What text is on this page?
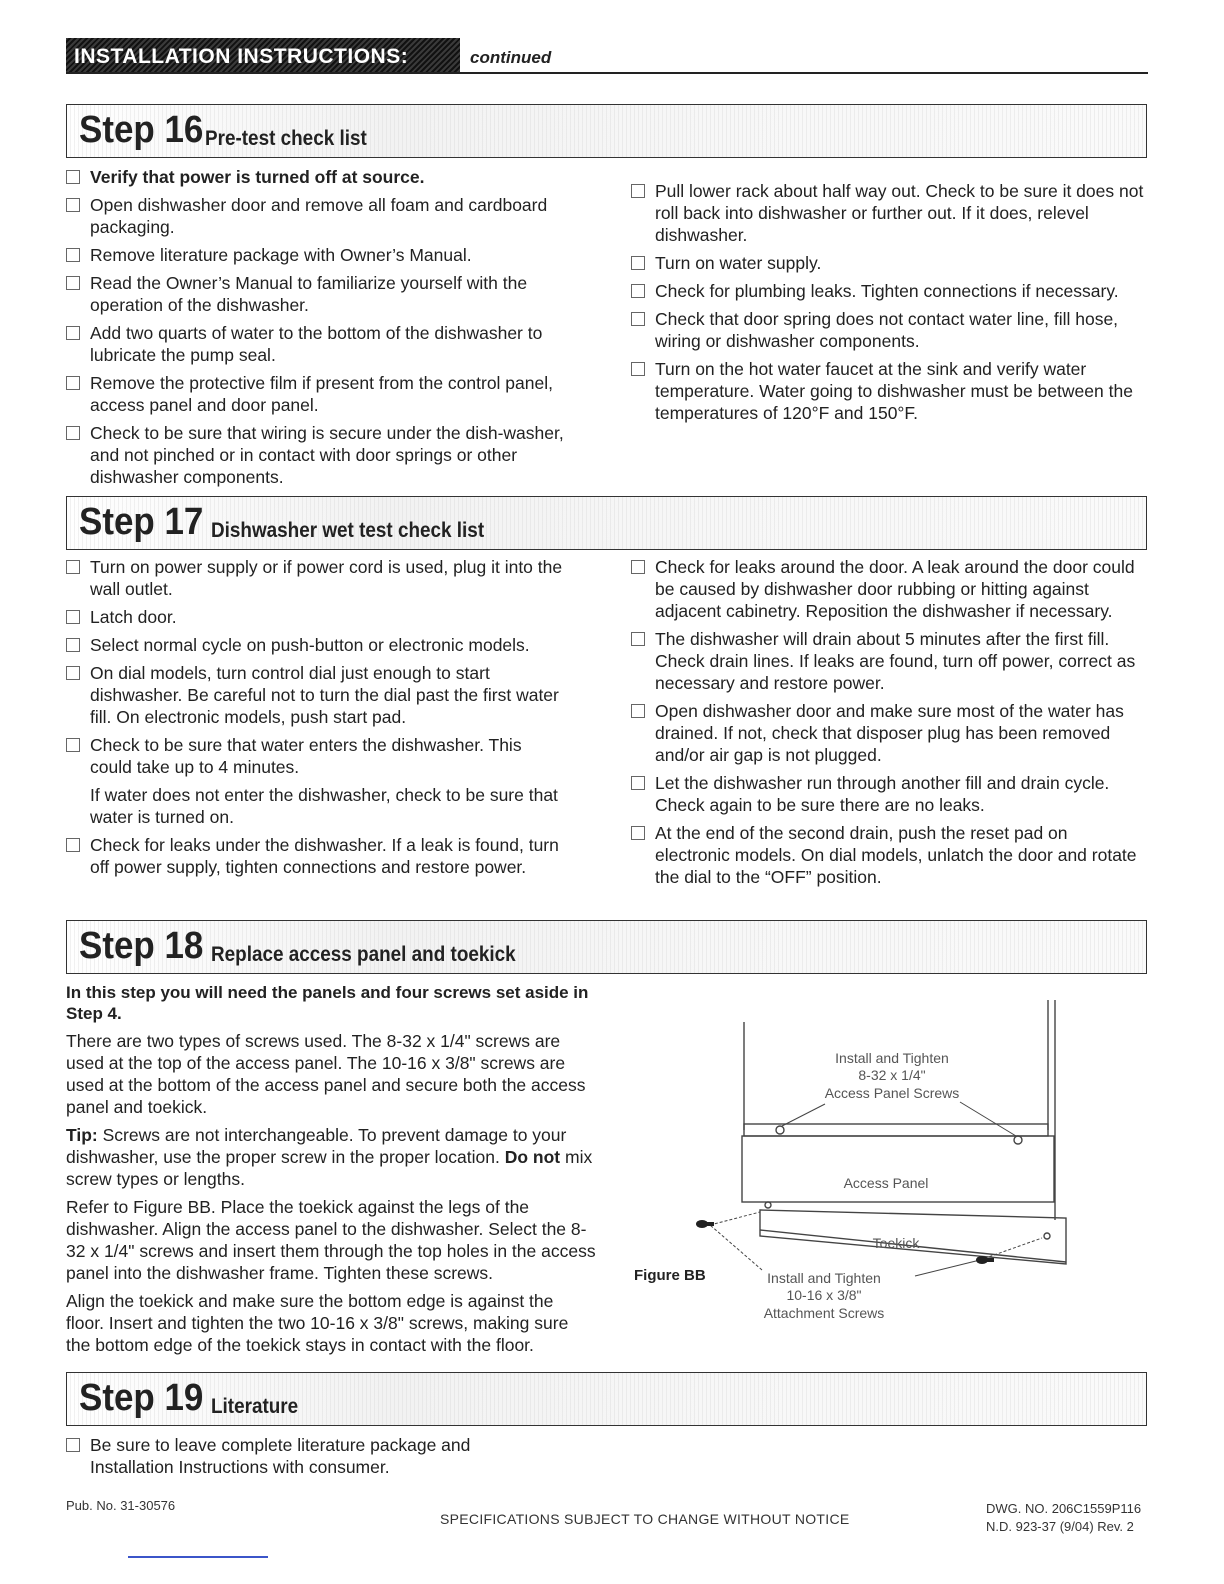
INSTALLATION INSTRUCTIONS:	continued
Step 16 Pre-test check list
Verify that power is turned off at source.
Open dishwasher door and remove all foam and cardboard packaging.
Remove literature package with Owner’s Manual.
Read the Owner’s Manual to familiarize yourself with the operation of the dishwasher.
Add two quarts of water to the bottom of the dishwasher to lubricate the pump seal.
Remove the protective film if present from the control panel, access panel and door panel.
Check to be sure that wiring is secure under the dish-washer, and not pinched or in contact with door springs or other dishwasher components.
Pull lower rack about half way out. Check to be sure it does not roll back into dishwasher or further out. If it does, relevel dishwasher.
Turn on water supply.
Check for plumbing leaks. Tighten connections if necessary.
Check that door spring does not contact water line, fill hose, wiring or dishwasher components.
Turn on the hot water faucet at the sink and verify water temperature. Water going to dishwasher must be between the temperatures of 120°F and 150°F.
Step 17 Dishwasher wet test check list
Turn on power supply or if power cord is used, plug it into the wall outlet.
Latch door.
Select normal cycle on push-button or electronic models.
On dial models, turn control dial just enough to start dishwasher. Be careful not to turn the dial past the first water fill. On electronic models, push start pad.
Check to be sure that water enters the dishwasher. This could take up to 4 minutes.
If water does not enter the dishwasher, check to be sure that water is turned on.
Check for leaks under the dishwasher. If a leak is found, turn off power supply, tighten connections and restore power.
Check for leaks around the door. A leak around the door could be caused by dishwasher door rubbing or hitting against adjacent cabinetry. Reposition the dishwasher if necessary.
The dishwasher will drain about 5 minutes after the first fill. Check drain lines. If leaks are found, turn off power, correct as necessary and restore power.
Open dishwasher door and make sure most of the water has drained. If not, check that disposer plug has been removed and/or air gap is not plugged.
Let the dishwasher run through another fill and drain cycle. Check again to be sure there are no leaks.
At the end of the second drain, push the reset pad on electronic models. On dial models, unlatch the door and rotate the dial to the “OFF” position.
Step 18 Replace access panel and toekick
In this step you will need the panels and four screws set aside in Step 4.
There are two types of screws used. The 8-32 x 1/4" screws are used at the top of the access panel. The 10-16 x 3/8" screws are used at the bottom of the access panel and secure both the access panel and toekick.
Tip: Screws are not interchangeable. To prevent damage to your dishwasher, use the proper screw in the proper location. Do not mix screw types or lengths.
Refer to Figure BB. Place the toekick against the legs of the dishwasher. Align the access panel to the dishwasher. Select the 8-32 x 1/4" screws and insert them through the top holes in the access panel into the dishwasher frame. Tighten these screws.
Align the toekick and make sure the bottom edge is against the floor. Insert and tighten the two 10-16 x 3/8" screws, making sure the bottom edge of the toekick stays in contact with the floor.
Install and Tighten
8-32 x 1/4"
Access Panel Screws
Access Panel
Toekick
Install and Tighten
10-16 x 3/8"
Attachment Screws
Figure BB
Step 19 Literature
Be sure to leave complete literature package and Installation Instructions with consumer.
Pub. No. 31-30576
SPECIFICATIONS SUBJECT TO CHANGE WITHOUT NOTICE
DWG. NO. 206C1559P116
N.D. 923-37 (9/04) Rev. 2
